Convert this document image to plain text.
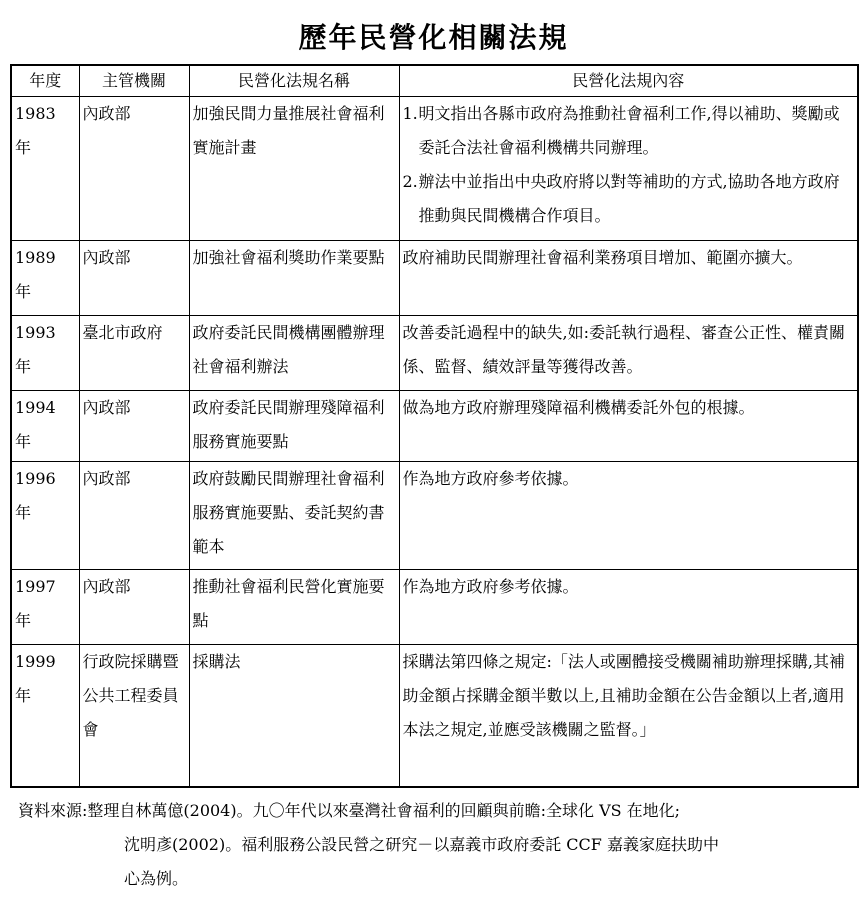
歷年民營化相關法規
年度	主管機關	民營化法規名稱	民營化法規內容
1983 年	內政部	加強民間力量推展社會福利實施計畫	1. 明文指出各縣市政府為推動社會福利工作,得以補助、獎勵或委託合法社會福利機構共同辦理。
2. 辦法中並指出中央政府將以對等補助的方式,協助各地方政府推動與民間機構合作項目。

1989 年	內政部	加強社會福利獎助作業要點	政府補助民間辦理社會福利業務項目增加、範圍亦擴大。
1993 年	臺北市政府	政府委託民間機構團體辦理社會福利辦法	改善委託過程中的缺失,如:委託執行過程、審查公正性、權責關係、監督、績效評量等獲得改善。
1994 年	內政部	政府委託民間辦理殘障福利服務實施要點	做為地方政府辦理殘障福利機構委託外包的根據。
1996 年	內政部	政府鼓勵民間辦理社會福利服務實施要點、委託契約書範本	作為地方政府參考依據。
1997 年	內政部	推動社會福利民營化實施要點	作為地方政府參考依據。
1999 年	行政院採購暨公共工程委員會	採購法	採購法第四條之規定:「法人或團體接受機關補助辦理採購,其補助金額占採購金額半數以上,且補助金額在公告金額以上者,適用本法之規定,並應受該機關之監督。」
資料來源:整理自林萬億(2004)。九〇年代以來臺灣社會福利的回顧與前瞻:全球化 VS 在地化;
沈明彥(2002)。福利服務公設民營之研究－以嘉義市政府委託 CCF 嘉義家庭扶助中
心為例。
